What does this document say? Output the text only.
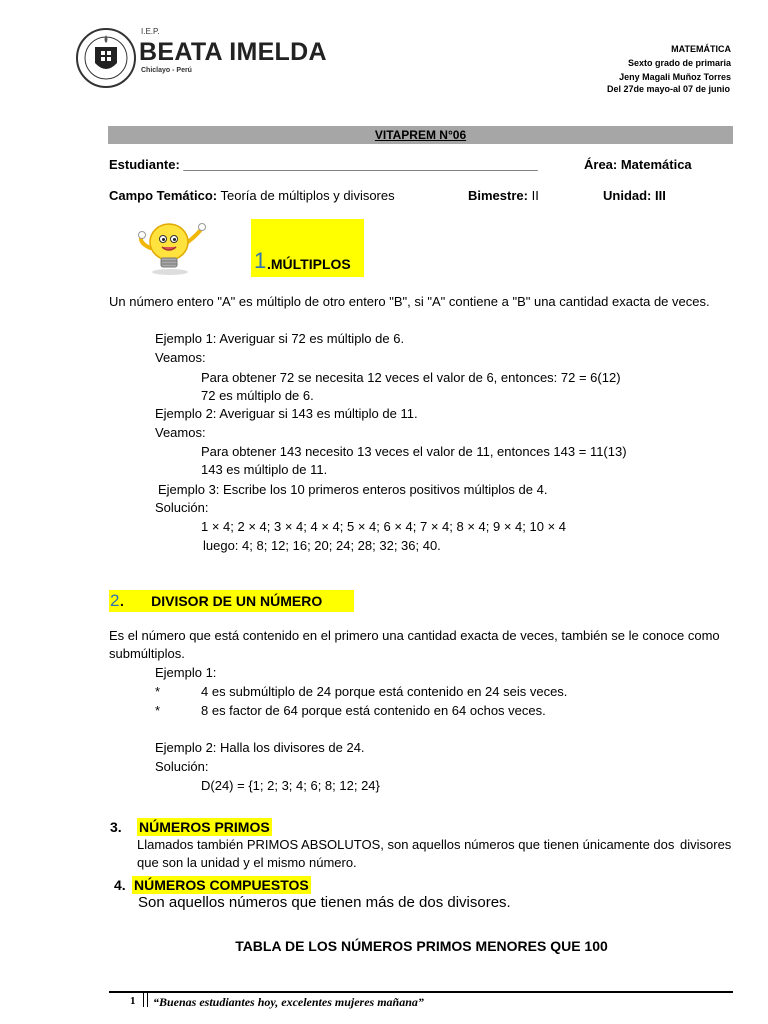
I.E.P.
BEATA IMELDA
Chiclayo - Perú
MATEMÁTICA
Sexto grado de primaria
Jeny Magali Muñoz Torres
Del 27de mayo-al 07 de junio
VITAPREM N°06
Estudiante: _________________________________________________	Área: Matemática
Campo Temático: Teoría de múltiplos y divisores	Bimestre: II	Unidad: III
1 .MÚLTIPLOS
Un número entero "A" es múltiplo de otro entero "B", si "A" contiene a "B" una cantidad exacta de veces.
Ejemplo 1: Averiguar si 72 es múltiplo de 6.
Veamos:
Para obtener 72 se necesita 12 veces el valor de 6, entonces: 72 = 6(12)
72 es múltiplo de 6.
Ejemplo 2: Averiguar si 143 es múltiplo de 11.
Veamos:
Para obtener 143 necesito 13 veces el valor de 11, entonces 143 = 11(13)
143 es múltiplo de 11.
Ejemplo 3: Escribe los 10 primeros enteros positivos múltiplos de 4.
Solución:
1 × 4; 2 × 4; 3 × 4; 4 × 4; 5 × 4; 6 × 4; 7 × 4; 8 × 4; 9 × 4; 10 × 4
luego: 4; 8; 12; 16; 20; 24; 28; 32; 36; 40.
2 .       DIVISOR DE UN NÚMERO
Es el número que está contenido en el primero una cantidad exacta de veces, también se le conoce como
submúltiplos.
Ejemplo 1:
*	4 es submúltiplo de 24 porque está contenido en 24 seis veces.
*	8 es factor de 64 porque está contenido en 64 ochos veces.
Ejemplo 2: Halla los divisores de 24.
Solución:
D(24) = {1; 2; 3; 4; 6; 8; 12; 24}
3. NÚMEROS PRIMOS
Llamados también PRIMOS ABSOLUTOS, son aquellos números que tienen únicamente dos divisores
que son la unidad y el mismo número.
4. NÚMEROS COMPUESTOS
Son aquellos números que tienen más de dos divisores.
TABLA DE LOS NÚMEROS PRIMOS MENORES QUE 100
1 “Buenas estudiantes hoy, excelentes mujeres mañana”
